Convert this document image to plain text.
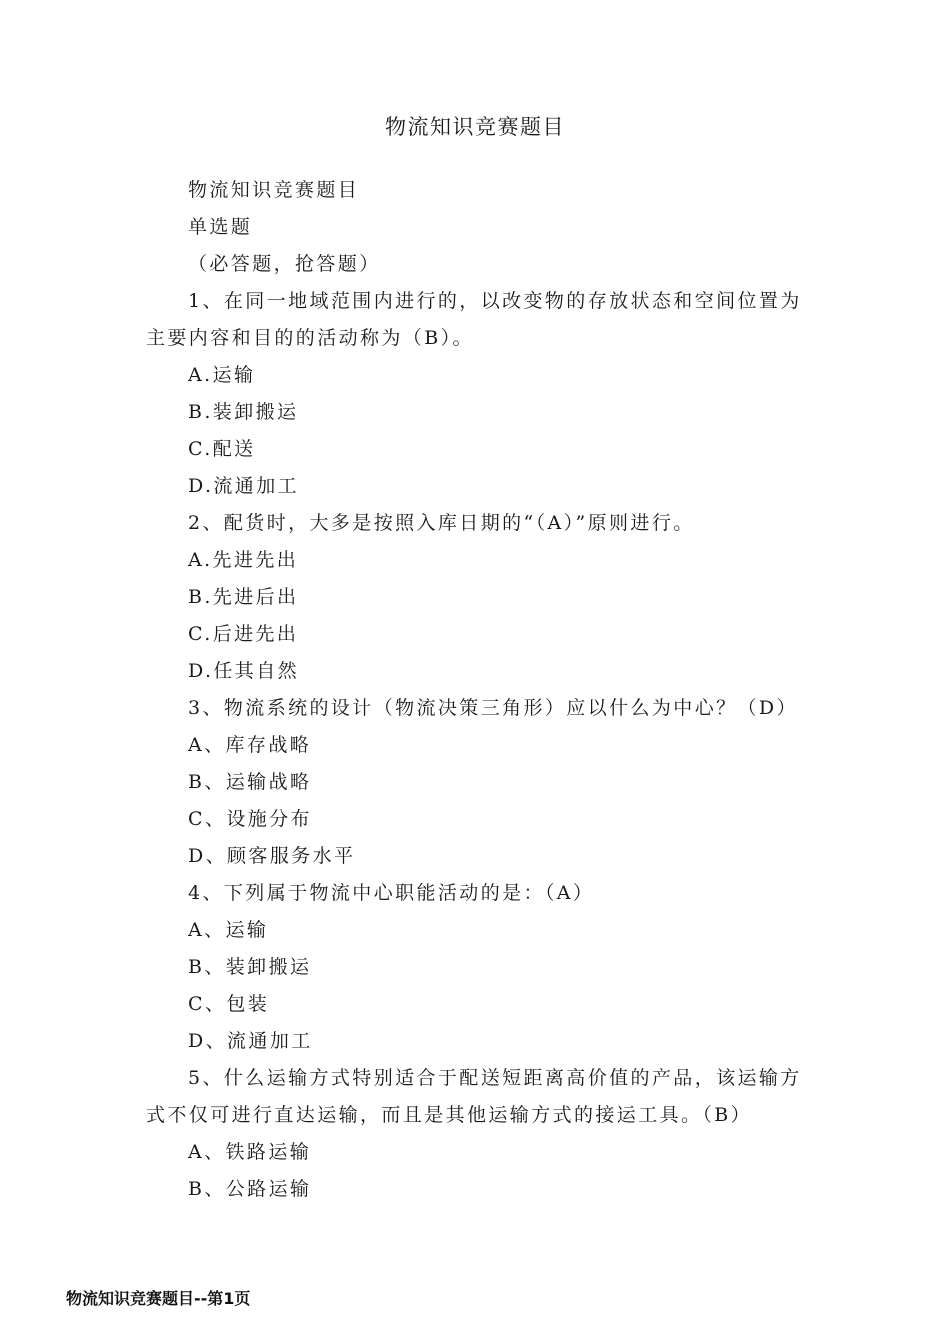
物流知识竞赛题目

物流知识竞赛题目

单选题

（必答题，抢答题）

1、在同一地域范围内进行的，以改变物的存放状态和空间位置为主要内容和目的的活动称为（B）。

A.运输

B.装卸搬运

C.配送

D.流通加工

2、配货时，大多是按照入库日期的“（A）”原则进行。

A.先进先出

B.先进后出

C.后进先出

D.任其自然

3、物流系统的设计（物流决策三角形）应以什么为中心？（D）

A、库存战略

B、运输战略

C、设施分布

D、顾客服务水平

4、下列属于物流中心职能活动的是：（A）

A、运输

B、装卸搬运

C、包装

D、流通加工

5、什么运输方式特别适合于配送短距离高价值的产品，该运输方式不仅可进行直达运输，而且是其他运输方式的接运工具。（B）

A、铁路运输

B、公路运输

物流知识竞赛题目--第1页
